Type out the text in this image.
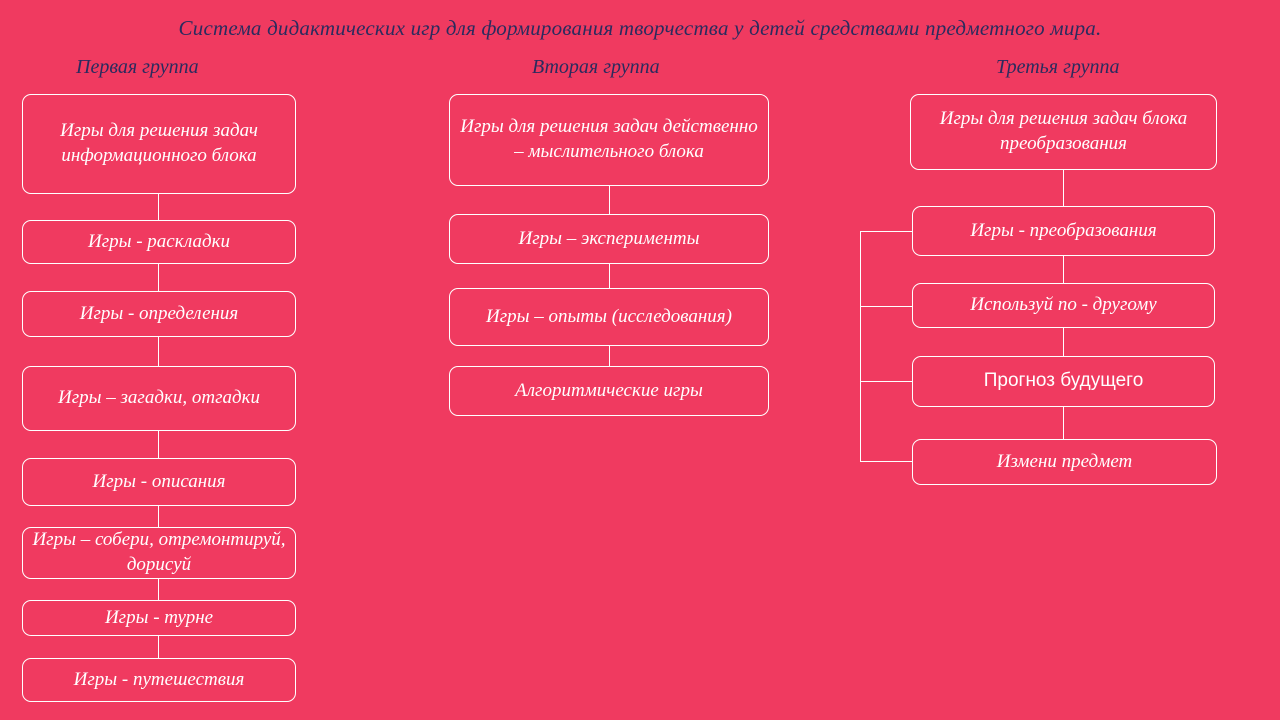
Система дидактических игр для формирования творчества у детей средствами предметного мира.
Первая группа	Вторая группа	Третья группа
Игры для решения задач информационного блока
Игры - раскладки
Игры - определения
Игры – загадки, отгадки
Игры - описания
Игры – собери, отремонтируй, дорисуй
Игры - турне
Игры - путешествия
Игры для решения задач действенно – мыслительного блока
Игры – эксперименты
Игры – опыты (исследования)
Алгоритмические игры
Игры для решения задач блока преобразования
Игры - преобразования
Используй по - другому
Прогноз будущего
Измени предмет
